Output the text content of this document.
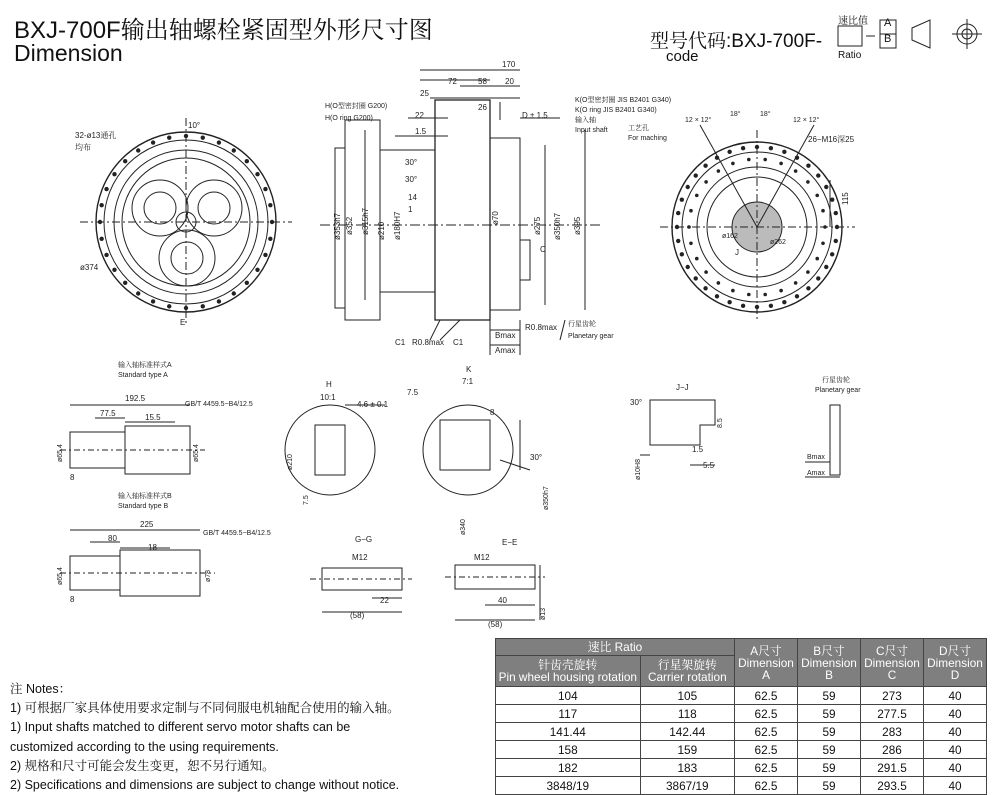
BXJ-700F输出轴螺栓紧固型外形尺寸图
Dimension	型号代码:BXJ-700F-
code
32-ø13通孔
均布
10°
ø374
E
170
72	58 20
25
26
22
1.5
H(O型密封圈 G200)
H(O ring G200)
K(O型密封圈 JIS B2401 G340)
K(O ring JIS B2401 G340)
输入轴
Input shaft
D ± 1.5
ø353h7 ø352 ø315h7 ø210 ø180H7	ø70	ø275 ø350h7 ø395
30°
30°
14
1
C
C1 R0.8max C1
R0.8max
Bmax
Amax
行星齿轮
Planetary gear
12 × 12°
18°	18°
12 × 12°
工艺孔
For maching	26−M16深25
115
ø162
ø262
J
输入轴标准样式A
Standard type A
192.5
77.5	15.5
8
GB/T 4459.5−B4/12.5
ø65.4	ø65.4
输入轴标准样式B
Standard type B
225
80
18
8
GB/T 4459.5−B4/12.5
ø65.4	ø78
H
10:1
4.6 ± 0.1
ø210
7.5
K
7:1
7.5
8
30°
ø340
ø350h7
J−J
30°
8.5
1.5
5.5
ø10H8
行星齿轮
Planetary gear
Bmax
Amax
G−G
M12
22
(58)
E−E
M12
40
(58)
ø13
速比值
Ratio
A
B
注 Notes：
1) 可根据厂家具体使用要求定制与不同伺服电机轴配合使用的输入轴。
1) Input shafts matched to different servo motor shafts can be
customized according to the using requirements.
2) 规格和尺寸可能会发生变更，恕不另行通知。
2) Specifications and dimensions are subject to change without notice.
速比 Ratio		A尺寸
Dimension
A	B尺寸
Dimension
B	C尺寸
Dimension
C	D尺寸
Dimension
D
针齿壳旋转
Pin wheel housing rotation	行星架旋转
Carrier rotation				
104	105	62.5	59	273	40
117	118	62.5	59	277.5	40
141.44	142.44	62.5	59	283	40
158	159	62.5	59	286	40
182	183	62.5	59	291.5	40
3848/19	3867/19	62.5	59	293.5	40
